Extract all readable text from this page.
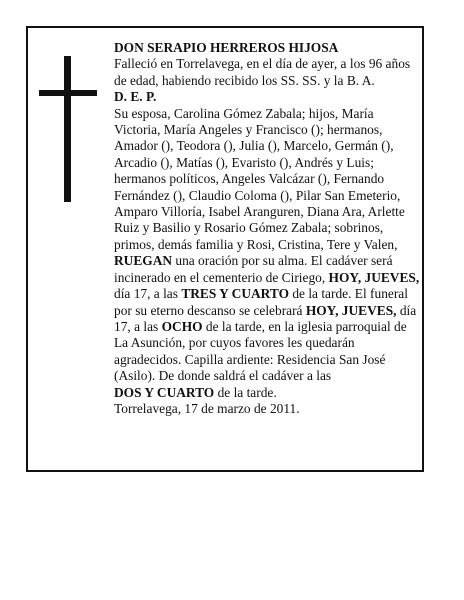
DON SERAPIO HERREROS HIJOSA

Falleció en Torrelavega, en el día de ayer, a los 96 años de edad, habiendo recibido los SS. SS. y la B. A.

D. E. P.

Su esposa, Carolina Gómez Zabala; hijos, María Victoria, María Angeles y Francisco (); hermanos, Amador (), Teodora (), Julia (), Marcelo, Germán (), Arcadio (), Matías (), Evaristo (), Andrés y Luis; hermanos políticos, Angeles Valcázar (), Fernando Fernández (), Claudio Coloma (), Pilar San Emeterio, Amparo Villoría, Isabel Aranguren, Diana Ara, Arlette Ruiz y Basilio y Rosario Gómez Zabala; sobrinos, primos, demás familia y Rosi, Cristina, Tere y Valen, RUEGAN una oración por su alma. El cadáver será incinerado en el cementerio de Ciriego, HOY, JUEVES, día 17, a las TRES Y CUARTO de la tarde. El funeral por su eterno descanso se celebrará HOY, JUEVES, día 17, a las OCHO de la tarde, en la iglesia parroquial de La Asunción, por cuyos favores les quedarán agradecidos. Capilla ardiente: Residencia San José (Asilo). De donde saldrá el cadáver a las

DOS Y CUARTO de la tarde.

Torrelavega, 17 de marzo de 2011.
